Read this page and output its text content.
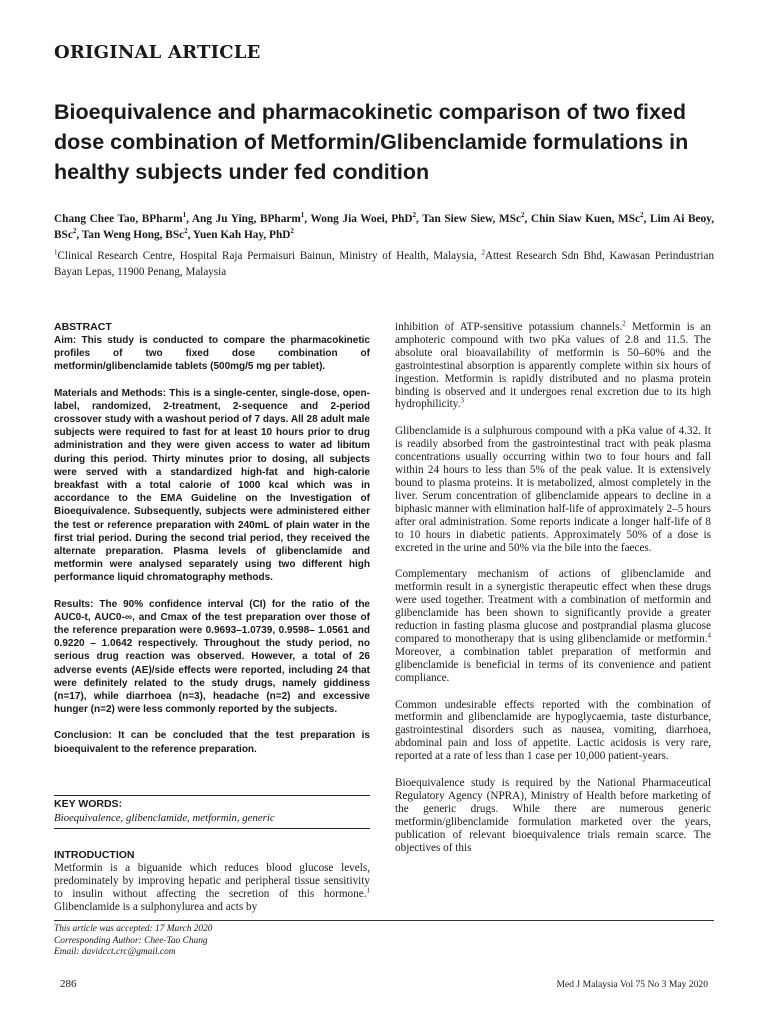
ORIGINAL ARTICLE
Bioequivalence and pharmacokinetic comparison of two fixed dose combination of Metformin/Glibenclamide formulations in healthy subjects under fed condition

Chang Chee Tao, BPharm$^1$, Ang Ju Ying, BPharm$^1$, Wong Jia Woei, PhD$^2$, Tan Siew Siew, MSc$^2$, Chin Siaw Kuen, MSc$^2$, Lim Ai Beoy, BSc$^2$, Tan Weng Hong, BSc$^2$, Yuen Kah Hay, PhD$^2$

$^1$Clinical Research Centre, Hospital Raja Permaisuri Bainun, Ministry of Health, Malaysia, $^2$Attest Research Sdn Bhd, Kawasan Perindustrian Bayan Lepas, 11900 Penang, Malaysia

ABSTRACT

Aim: This study is conducted to compare the pharmacokinetic profiles of two fixed dose combination of metformin/glibenclamide tablets (500mg/5 mg per tablet).

Materials and Methods: This is a single-center, single-dose, open-label, randomized, 2-treatment, 2-sequence and 2-period crossover study with a washout period of 7 days. All 28 adult male subjects were required to fast for at least 10 hours prior to drug administration and they were given access to water ad libitum during this period. Thirty minutes prior to dosing, all subjects were served with a standardized high-fat and high-calorie breakfast with a total calorie of 1000 kcal which was in accordance to the EMA Guideline on the Investigation of Bioequivalence. Subsequently, subjects were administered either the test or reference preparation with 240mL of plain water in the first trial period. During the second trial period, they received the alternate preparation. Plasma levels of glibenclamide and metformin were analysed separately using two different high performance liquid chromatography methods.

Results: The 90% confidence interval (CI) for the ratio of the AUC0-t, AUC0-∞, and Cmax of the test preparation over those of the reference preparation were 0.9693–1.0739, 0.9598– 1.0561 and 0.9220 – 1.0642 respectively. Throughout the study period, no serious drug reaction was observed. However, a total of 26 adverse events (AE)/side effects were reported, including 24 that were definitely related to the study drugs, namely giddiness (n=17), while diarrhoea (n=3), headache (n=2) and excessive hunger (n=2) were less commonly reported by the subjects.

Conclusion: It can be concluded that the test preparation is bioequivalent to the reference preparation.

KEY WORDS:

Bioequivalence, glibenclamide, metformin, generic

INTRODUCTION

Metformin is a biguanide which reduces blood glucose levels, predominately by improving hepatic and peripheral tissue sensitivity to insulin without affecting the secretion of this hormone.$^1$ Glibenclamide is a sulphonylurea and acts by

inhibition of ATP-sensitive potassium channels.$^2$ Metformin is an amphoteric compound with two pKa values of 2.8 and 11.5. The absolute oral bioavailability of metformin is 50–60% and the gastrointestinal absorption is apparently complete within six hours of ingestion. Metformin is rapidly distributed and no plasma protein binding is observed and it undergoes renal excretion due to its high hydrophilicity.$^3$

Glibenclamide is a sulphurous compound with a pKa value of 4.32. It is readily absorbed from the gastrointestinal tract with peak plasma concentrations usually occurring within two to four hours and fall within 24 hours to less than 5% of the peak value. It is extensively bound to plasma proteins. It is metabolized, almost completely in the liver. Serum concentration of glibenclamide appears to decline in a biphasic manner with elimination half-life of approximately 2–5 hours after oral administration. Some reports indicate a longer half-life of 8 to 10 hours in diabetic patients. Approximately 50% of a dose is excreted in the urine and 50% via the bile into the faeces.

Complementary mechanism of actions of glibenclamide and metformin result in a synergistic therapeutic effect when these drugs were used together. Treatment with a combination of metformin and glibenclamide has been shown to significantly provide a greater reduction in fasting plasma glucose and postprandial plasma glucose compared to monotherapy that is using glibenclamide or metformin.$^4$ Moreover, a combination tablet preparation of metformin and glibenclamide is beneficial in terms of its convenience and patient compliance.

Common undesirable effects reported with the combination of metformin and glibenclamide are hypoglycaemia, taste disturbance, gastrointestinal disorders such as nausea, vomiting, diarrhoea, abdominal pain and loss of appetite. Lactic acidosis is very rare, reported at a rate of less than 1 case per 10,000 patient-years.

Bioequivalence study is required by the National Pharmaceutical Regulatory Agency (NPRA), Ministry of Health before marketing of the generic drugs. While there are numerous generic metformin/glibenclamide formulation marketed over the years, publication of relevant bioequivalence trials remain scarce. The objectives of this

This article was accepted: 17 March 2020

Corresponding Author: Chee-Tao Chang

Email: davidcct.crc@gmail.com

286	Med J Malaysia Vol 75 No 3 May 2020
